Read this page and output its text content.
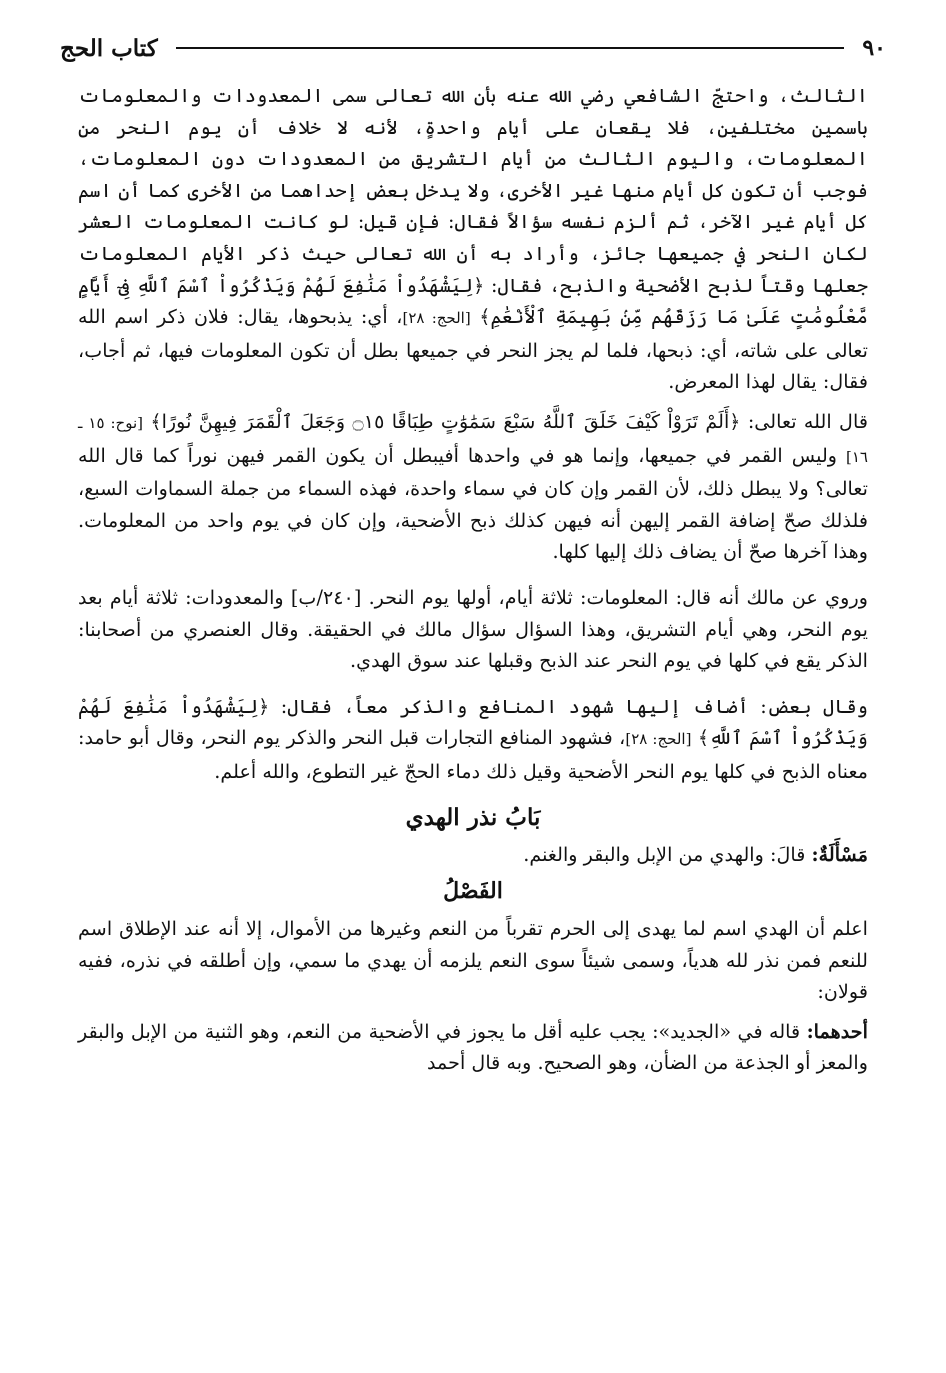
٩٠
كتاب الحج

الثالث، واحتجّ الشافعي رضي الله عنه بأن الله تعالى سمى المعدودات والمعلومات باسمين مختلفين، فلا يقعان على أيام واحدةٍ، لأنه لا خلاف أن يوم النحر من المعلومات، واليوم الثالث من أيام التشريق من المعدودات دون المعلومات، فوجب أن تكون كل أيام منها غير الأخرى، ولا يدخل بعض إحداهما من الأخرى كما أن اسم كل أيام غير الآخر، ثم ألزم نفسه سؤالاً فقال: فإن قيل: لو كانت المعلومات العشر لكان النحر في جميعها جائز، وأراد به أن الله تعالى حيث ذكر الأيام المعلومات جعلها وقتاً لذبح الأضحية والذبح، فقال: ﴿لِيَشْهَدُواْ مَنَٰفِعَ لَهُمْ وَيَذْكُرُواْ ٱسْمَ ٱللَّهِ فِىٓ أَيَّامٍ مَّعْلُومَٰتٍ عَلَىٰ مَا رَزَقَهُم مِّنۢ بَهِيمَةِ ٱلْأَنْعَٰمِ﴾ [الحج: ٢٨]، أي: يذبحوها، يقال: فلان ذكر اسم الله تعالى على شاته، أي: ذبحها، فلما لم يجز النحر في جميعها بطل أن تكون المعلومات فيها، ثم أجاب، فقال: يقال لهذا المعرض.

قال الله تعالى: ﴿أَلَمْ تَرَوْاْ كَيْفَ خَلَقَ ٱللَّهُ سَبْعَ سَمَٰوَٰتٍ طِبَاقًا ۝١٥ وَجَعَلَ ٱلْقَمَرَ فِيهِنَّ نُورًا﴾ [نوح: ١٥ ـ ١٦] وليس القمر في جميعها، وإنما هو في واحدها أفيبطل أن يكون القمر فيهن نوراً كما قال الله تعالى؟ ولا يبطل ذلك، لأن القمر وإن كان في سماء واحدة، فهذه السماء من جملة السماوات السبع، فلذلك صحّ إضافة القمر إليهن أنه فيهن كذلك ذبح الأضحية، وإن كان في يوم واحد من المعلومات. وهذا آخرها صحّ أن يضاف ذلك إليها كلها.

وروي عن مالك أنه قال: المعلومات: ثلاثة أيام، أولها يوم النحر. [٢٤٠/ب] والمعدودات: ثلاثة أيام بعد يوم النحر، وهي أيام التشريق، وهذا السؤال سؤال مالك في الحقيقة. وقال العنصري من أصحابنا: الذكر يقع في كلها في يوم النحر عند الذبح وقبلها عند سوق الهدي.

وقال بعض: أضاف إليها شهود المنافع والذكر معاً، فقال: ﴿لِيَشْهَدُواْ مَنَٰفِعَ لَهُمْ وَيَذْكُرُواْ ٱسْمَ ٱللَّهِ﴾ [الحج: ٢٨]، فشهود المنافع التجارات قبل النحر والذكر يوم النحر، وقال أبو حامد: معناه الذبح في كلها يوم النحر الأضحية وقيل ذلك دماء الحجّ غير التطوع، والله أعلم.

بَابُ نذر الهدي

مَسْأَلَةٌ: قالَ: والهدي من الإبل والبقر والغنم.

الفَصْلُ

اعلم أن الهدي اسم لما يهدى إلى الحرم تقرباً من النعم وغيرها من الأموال، إلا أنه عند الإطلاق اسم للنعم فمن نذر لله هدياً، وسمى شيئاً سوى النعم يلزمه أن يهدي ما سمي، وإن أطلقه في نذره، ففيه قولان:

أحدهما: قاله في «الجديد»: يجب عليه أقل ما يجوز في الأضحية من النعم، وهو الثنية من الإبل والبقر والمعز أو الجذعة من الضأن، وهو الصحيح. وبه قال أحمد
